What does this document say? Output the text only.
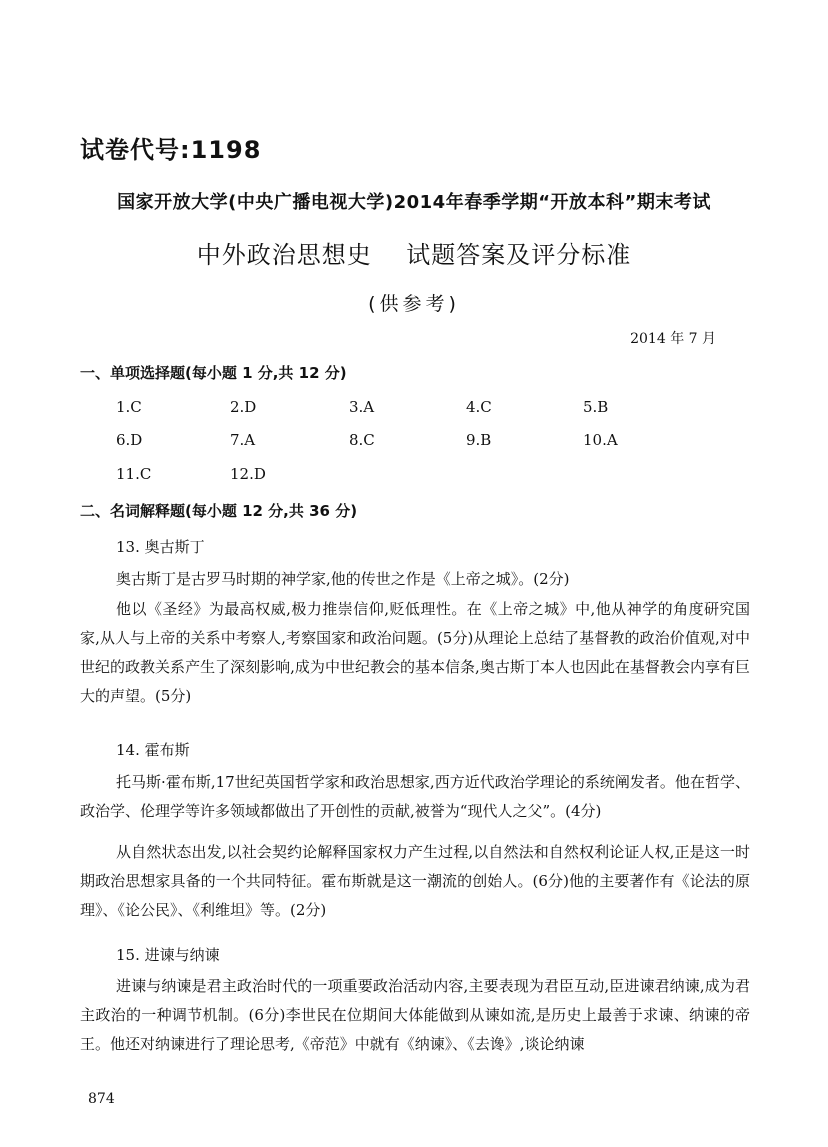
试卷代号:1198
国家开放大学(中央广播电视大学)2014年春季学期“开放本科”期末考试
中外政治思想史    试题答案及评分标准
(供参考)
2014 年 7 月
一、单项选择题(每小题 1 分,共 12 分)
1.C	2.D	3.A	4.C	5.B
6.D	7.A	8.C	9.B	10.A
11.C	12.D
二、名词解释题(每小题 12 分,共 36 分)
13. 奥古斯丁

奥古斯丁是古罗马时期的神学家,他的传世之作是《上帝之城》。(2分)

他以《圣经》为最高权威,极力推崇信仰,贬低理性。在《上帝之城》中,他从神学的角度研究国家,从人与上帝的关系中考察人,考察国家和政治问题。(5分)从理论上总结了基督教的政治价值观,对中世纪的政教关系产生了深刻影响,成为中世纪教会的基本信条,奥古斯丁本人也因此在基督教会内享有巨大的声望。(5分)

14. 霍布斯

托马斯·霍布斯,17世纪英国哲学家和政治思想家,西方近代政治学理论的系统阐发者。他在哲学、政治学、伦理学等许多领域都做出了开创性的贡献,被誉为“现代人之父”。(4分)

从自然状态出发,以社会契约论解释国家权力产生过程,以自然法和自然权利论证人权,正是这一时期政治思想家具备的一个共同特征。霍布斯就是这一潮流的创始人。(6分)他的主要著作有《论法的原理》、《论公民》、《利维坦》等。(2分)

15. 进谏与纳谏

进谏与纳谏是君主政治时代的一项重要政治活动内容,主要表现为君臣互动,臣进谏君纳谏,成为君主政治的一种调节机制。(6分)李世民在位期间大体能做到从谏如流,是历史上最善于求谏、纳谏的帝王。他还对纳谏进行了理论思考,《帝范》中就有《纳谏》、《去谗》,谈论纳谏

874
